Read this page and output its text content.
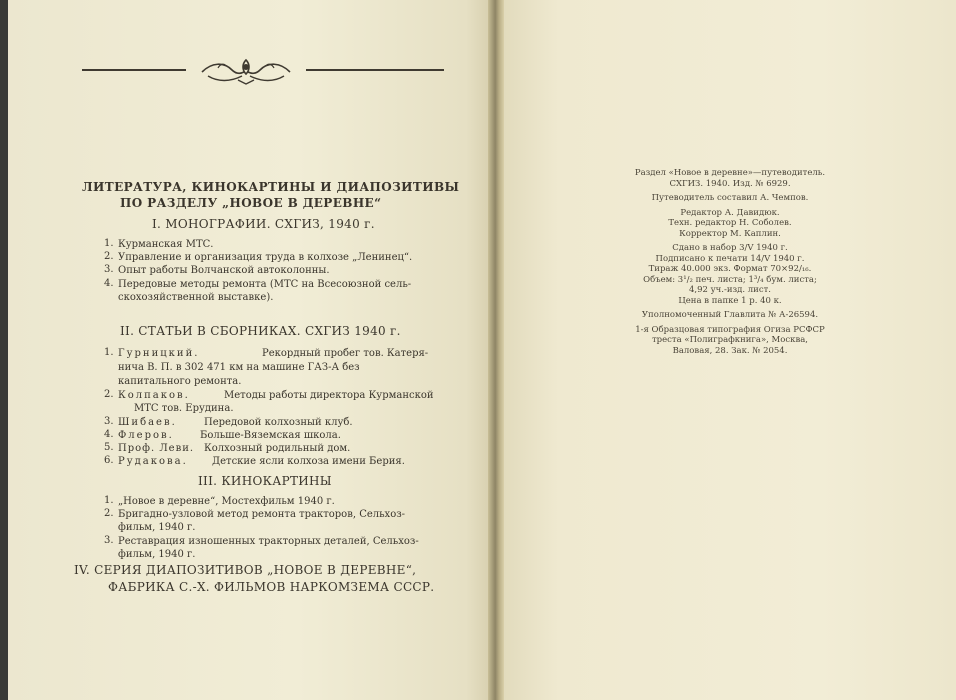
ЛИТЕРАТУРА, КИНОКАРТИНЫ И ДИАПОЗИТИВЫ
ПО РАЗДЕЛУ „НОВОЕ В ДЕРЕВНЕ“
I. МОНОГРАФИИ. СХГИЗ, 1940 г.
1. Курманская МТС.
2. Управление и организация труда в колхозе „Ленинец“.
3. Опыт работы Волчанской автоколонны.
4. Передовые методы ремонта (МТС на Всесоюзной сель-
скохозяйственной выставке).
II. СТАТЬИ В СБОРНИКАХ. СХГИЗ 1940 г.
1. Гурницкий.	Рекордный пробег тов. Катеря-
нича В. П. в 302 471 км на машине ГАЗ-А без
капитального ремонта.
2. Колпаков.	Методы работы директора Курманской
МТС тов. Ерудина.
3. Шибаев.	Передовой колхозный клуб.
4. Флеров.	Больше-Вяземская школа.
5. Проф. Леви. Колхозный родильный дом.
6. Рудакова. Детские ясли колхоза имени Берия.
III. КИНОКАРТИНЫ
1. „Новое в деревне“, Мостехфильм 1940 г.
2. Бригадно-узловой метод ремонта тракторов, Сельхоз-
фильм, 1940 г.
3. Реставрация изношенных тракторных деталей, Сельхоз-
фильм, 1940 г.
IV. СЕРИЯ ДИАПОЗИТИВОВ „НОВОЕ В ДЕРЕВНЕ“,
ФАБРИКА С.-Х. ФИЛЬМОВ НАРКОМЗЕМА СССР.
Раздел «Новое в деревне»—путеводитель.
СХГИЗ. 1940. Изд. № 6929.
Путеводитель составил А. Чемпов.
Редактор А. Давидюк.
Техн. редактор Н. Соболев.
Корректор М. Каплин.
Сдано в набор 3/V 1940 г.
Подписано к печати 14/V 1940 г.
Тираж 40.000 экз. Формат 70×92/₁₆.
Объем: 3¹/₂ печ. листа; 1³/₄ бум. листа;
4,92 уч.-изд. лист.
Цена в папке 1 р. 40 к.
Уполномоченный Главлита № А-26594.
1-я Образцовая типография Огиза РСФСР
треста «Полиграфкнига», Москва,
Валовая, 28. Зак. № 2054.
